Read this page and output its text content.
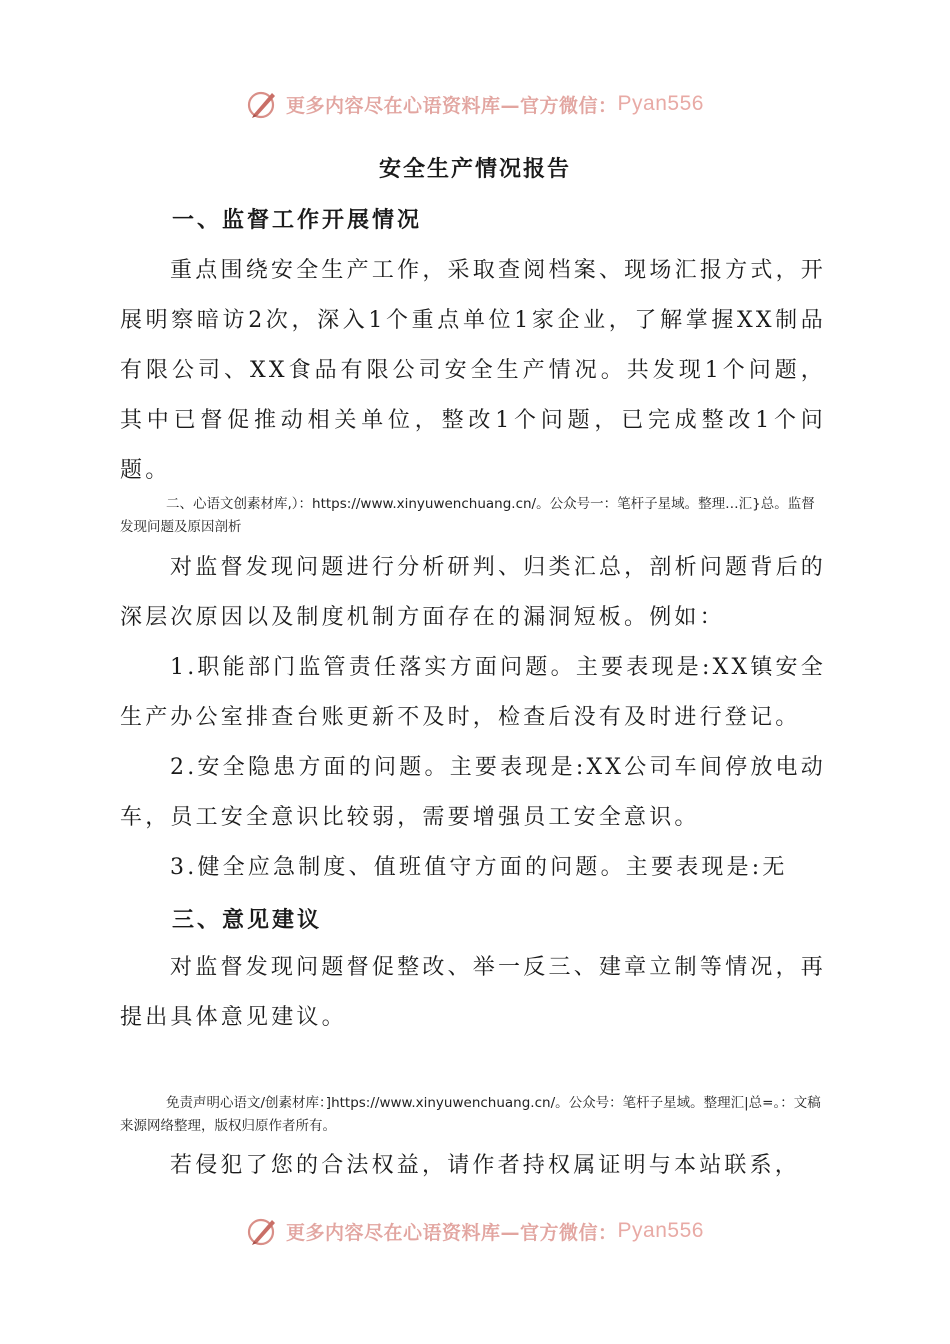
更多内容尽在心语资料库—官方微信： Pyan556
安全生产情况报告
一、监督工作开展情况

重点围绕安全生产工作，采取查阅档案、现场汇报方式，开展明察暗访2次，深入1个重点单位1家企业，了解掌握XX制品有限公司、XX食品有限公司安全生产情况。共发现1个问题，其中已督促推动相关单位，整改1个问题，已完成整改1个问题。

二、心语文创素材库,）：https://www.xinyuwenchuang.cn/。公众号一：笔杆子星域。整理…汇}总。监督发现问题及原因剖析

对监督发现问题进行分析研判、归类汇总，剖析问题背后的深层次原因以及制度机制方面存在的漏洞短板。例如：

1.职能部门监管责任落实方面问题。主要表现是:XX镇安全生产办公室排查台账更新不及时，检查后没有及时进行登记。

2.安全隐患方面的问题。主要表现是:XX公司车间停放电动车，员工安全意识比较弱，需要增强员工安全意识。

3.健全应急制度、值班值守方面的问题。主要表现是:无

三、意见建议

对监督发现问题督促整改、举一反三、建章立制等情况，再提出具体意见建议。

免责声明心语文/创素材库：]https://www.xinyuwenchuang.cn/。公众号：笔杆子星域。整理汇|总=。：文稿来源网络整理，版权归原作者所有。

若侵犯了您的合法权益，请作者持权属证明与本站联系，

更多内容尽在心语资料库—官方微信： Pyan556
